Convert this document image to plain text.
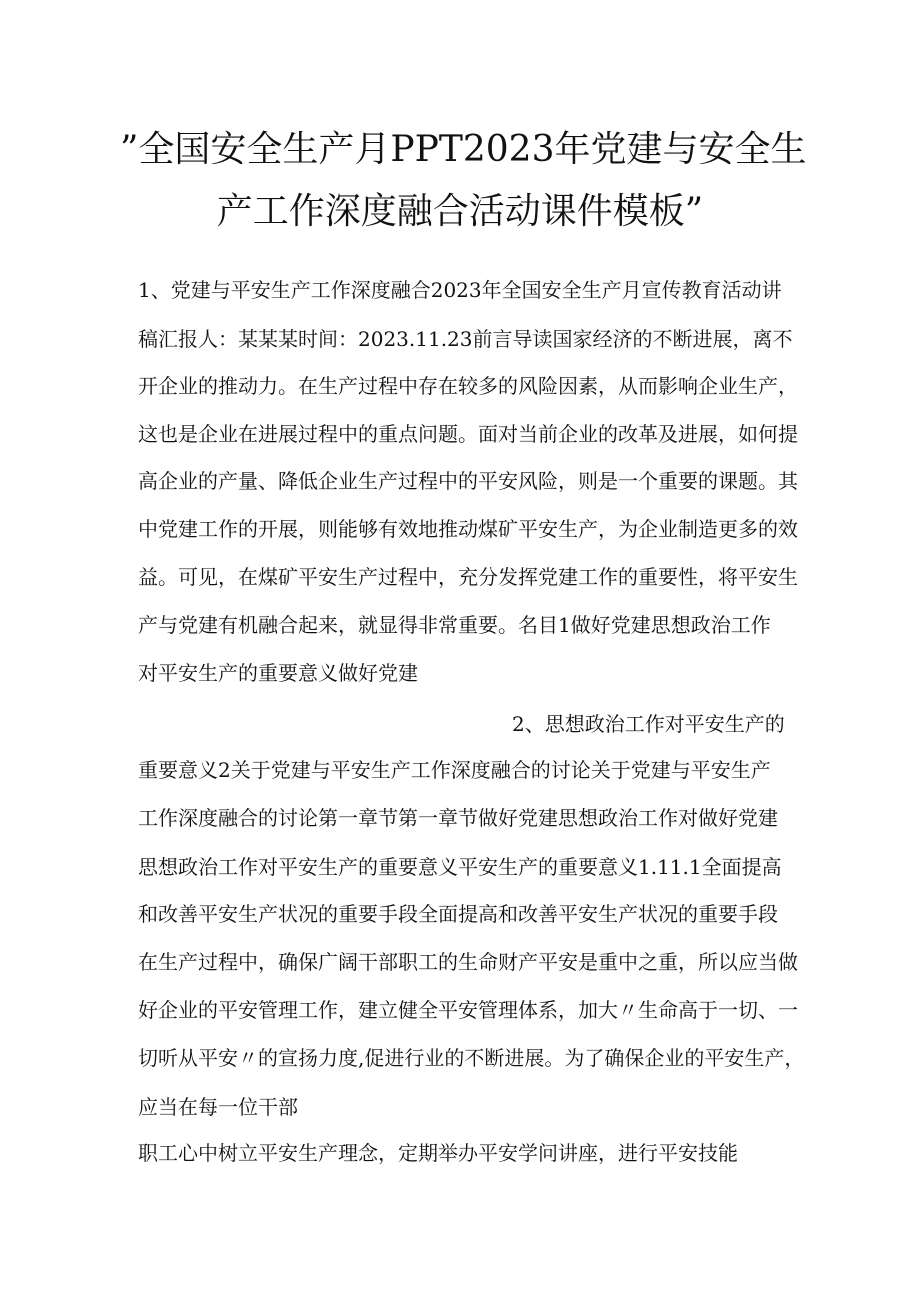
”全国安全生产月PPT2023年党建与安全生
产工作深度融合活动课件模板”
1、党建与平安生产工作深度融合2023年全国安全生产月宣传教育活动讲
稿汇报人：某某某时间：2023.11.23前言导读国家经济的不断进展，离不
开企业的推动力。在生产过程中存在较多的风险因素，从而影响企业生产，
这也是企业在进展过程中的重点问题。面对当前企业的改革及进展，如何提
高企业的产量、降低企业生产过程中的平安风险，则是一个重要的课题。其
中党建工作的开展，则能够有效地推动煤矿平安生产，为企业制造更多的效
益。可见，在煤矿平安生产过程中，充分发挥党建工作的重要性，将平安生
产与党建有机融合起来，就显得非常重要。名目1做好党建思想政治工作
对平安生产的重要意义做好党建
2、思想政治工作对平安生产的
重要意义2关于党建与平安生产工作深度融合的讨论关于党建与平安生产
工作深度融合的讨论第一章节第一章节做好党建思想政治工作对做好党建
思想政治工作对平安生产的重要意义平安生产的重要意义1.11.1全面提高
和改善平安生产状况的重要手段全面提高和改善平安生产状况的重要手段
在生产过程中，确保广阔干部职工的生命财产平安是重中之重，所以应当做
好企业的平安管理工作，建立健全平安管理体系，加大〃生命高于一切、一
切听从平安〃的宣扬力度,促进行业的不断进展。为了确保企业的平安生产，
应当在每一位干部
职工心中树立平安生产理念，定期举办平安学问讲座，进行平安技能
